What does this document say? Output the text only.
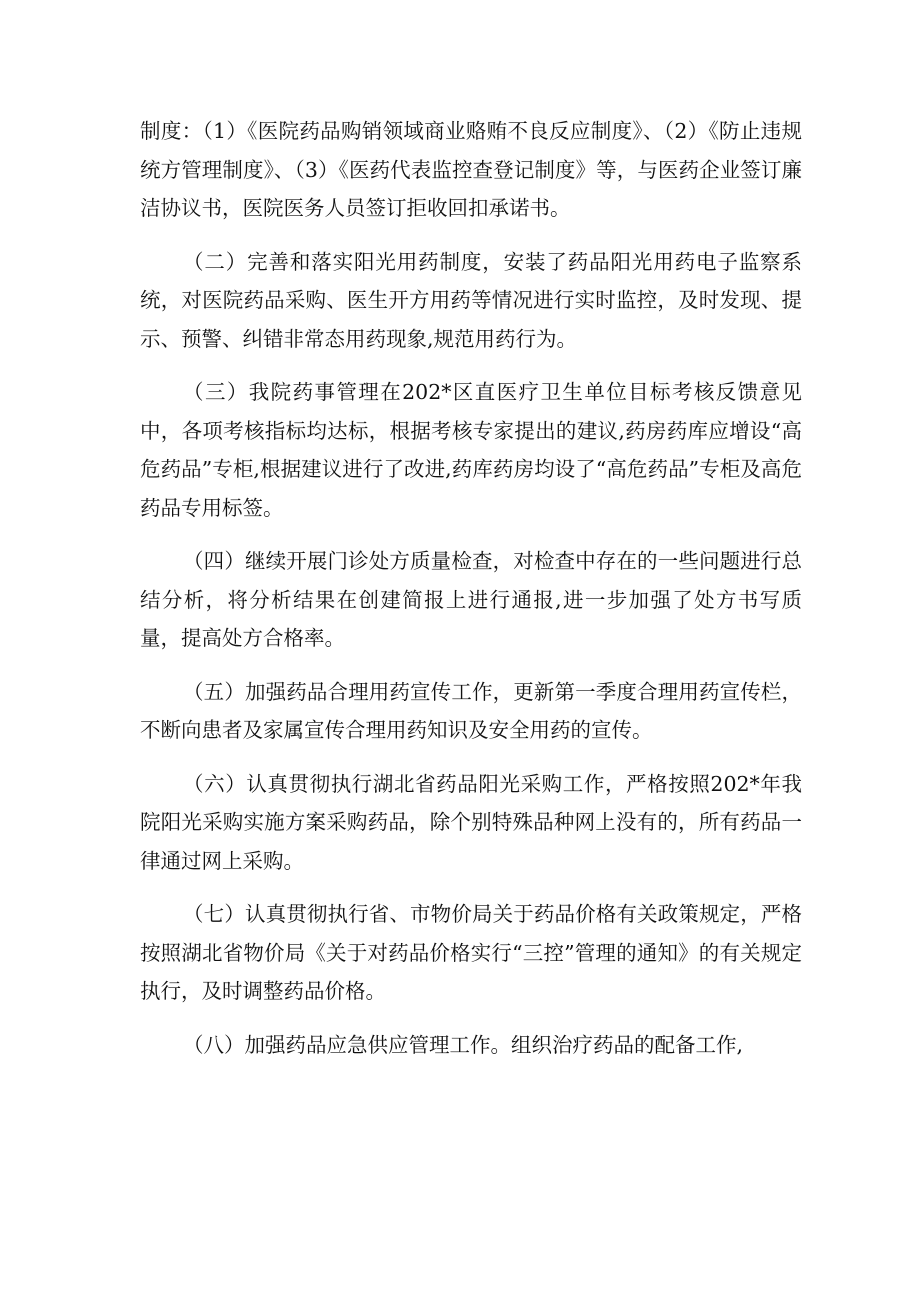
制度：（1）《医院药品购销领域商业赂贿不良反应制度》、（2）《防止违规统方管理制度》、（3）《医药代表监控查登记制度》等，与医药企业签订廉洁协议书，医院医务人员签订拒收回扣承诺书。

（二）完善和落实阳光用药制度，安装了药品阳光用药电子监察系统，对医院药品采购、医生开方用药等情况进行实时监控，及时发现、提示、预警、纠错非常态用药现象,规范用药行为。

（三）我院药事管理在202*区直医疗卫生单位目标考核反馈意见中，各项考核指标均达标，根据考核专家提出的建议,药房药库应增设“高危药品”专柜,根据建议进行了改进,药库药房均设了“高危药品”专柜及高危药品专用标签。

（四）继续开展门诊处方质量检查，对检查中存在的一些问题进行总结分析，将分析结果在创建简报上进行通报,进一步加强了处方书写质量，提高处方合格率。

（五）加强药品合理用药宣传工作，更新第一季度合理用药宣传栏，不断向患者及家属宣传合理用药知识及安全用药的宣传。

（六）认真贯彻执行湖北省药品阳光采购工作，严格按照202*年我院阳光采购实施方案采购药品，除个别特殊品种网上没有的，所有药品一律通过网上采购。

（七）认真贯彻执行省、市物价局关于药品价格有关政策规定，严格按照湖北省物价局《关于对药品价格实行“三控”管理的通知》的有关规定执行，及时调整药品价格。

（八）加强药品应急供应管理工作。组织治疗药品的配备工作,
